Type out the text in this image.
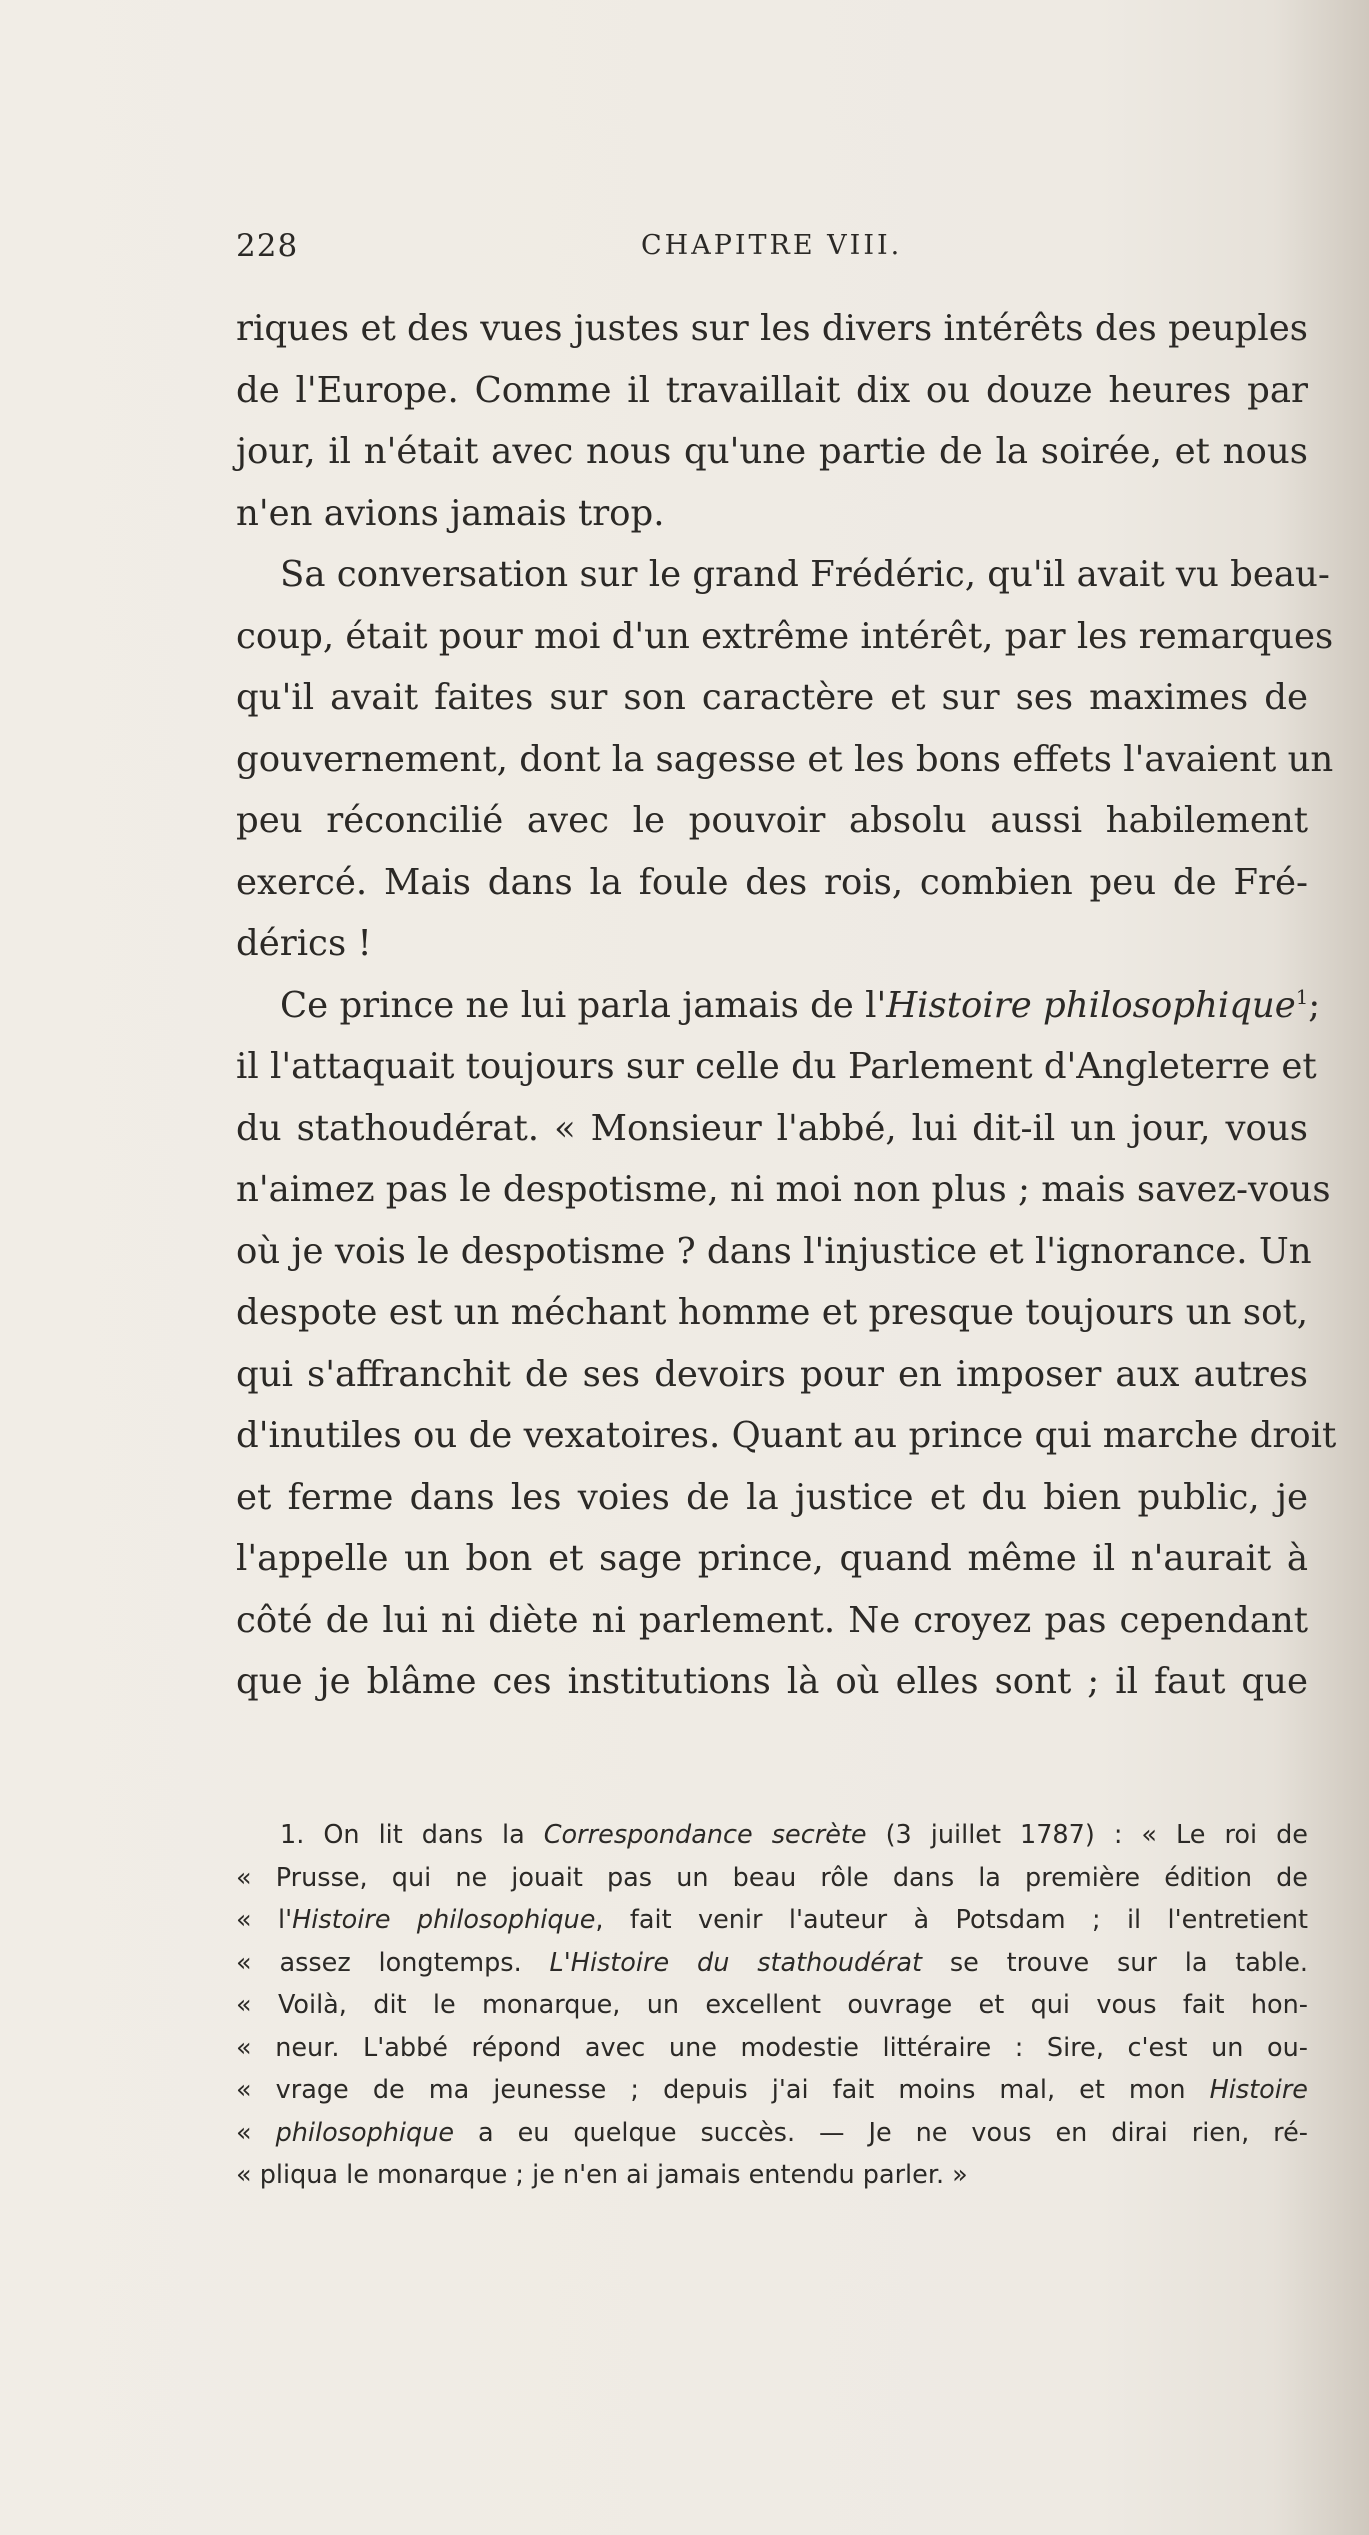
228	CHAPITRE VIII.
riques et des vues justes sur les divers intérêts des peuples
de l'Europe. Comme il travaillait dix ou douze heures par
jour, il n'était avec nous qu'une partie de la soirée, et nous
n'en avions jamais trop.
Sa conversation sur le grand Frédéric, qu'il avait vu beau-
coup, était pour moi d'un extrême intérêt, par les remarques
qu'il avait faites sur son caractère et sur ses maximes de
gouvernement, dont la sagesse et les bons effets l'avaient un
peu réconcilié avec le pouvoir absolu aussi habilement
exercé. Mais dans la foule des rois, combien peu de Fré-
dérics !
Ce prince ne lui parla jamais de l'Histoire philosophique$^1$;
il l'attaquait toujours sur celle du Parlement d'Angleterre et
du stathoudérat. « Monsieur l'abbé, lui dit-il un jour, vous
n'aimez pas le despotisme, ni moi non plus ; mais savez-vous
où je vois le despotisme ? dans l'injustice et l'ignorance. Un
despote est un méchant homme et presque toujours un sot,
qui s'affranchit de ses devoirs pour en imposer aux autres
d'inutiles ou de vexatoires. Quant au prince qui marche droit
et ferme dans les voies de la justice et du bien public, je
l'appelle un bon et sage prince, quand même il n'aurait à
côté de lui ni diète ni parlement. Ne croyez pas cependant
que je blâme ces institutions là où elles sont ; il faut que
1. On lit dans la Correspondance secrète (3 juillet 1787) : « Le roi de
« Prusse, qui ne jouait pas un beau rôle dans la première édition de
« l'Histoire philosophique, fait venir l'auteur à Potsdam ; il l'entretient
« assez longtemps. L'Histoire du stathoudérat se trouve sur la table.
« Voilà, dit le monarque, un excellent ouvrage et qui vous fait hon-
« neur. L'abbé répond avec une modestie littéraire : Sire, c'est un ou-
« vrage de ma jeunesse ; depuis j'ai fait moins mal, et mon Histoire
« philosophique a eu quelque succès. — Je ne vous en dirai rien, ré-
« pliqua le monarque ; je n'en ai jamais entendu parler. »
